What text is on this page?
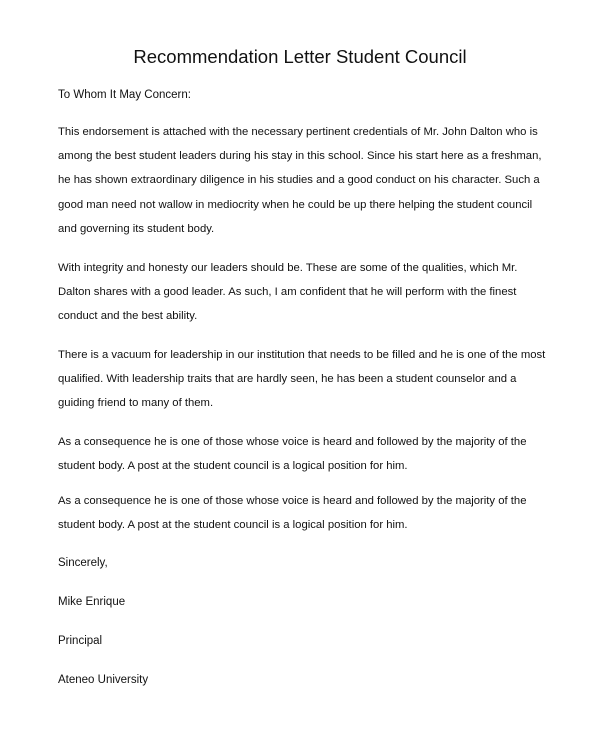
Recommendation Letter Student Council
To Whom It May Concern:

This endorsement is attached with the necessary pertinent credentials of Mr. John Dalton who is among the best student leaders during his stay in this school. Since his start here as a freshman, he has shown extraordinary diligence in his studies and a good conduct on his character. Such a good man need not wallow in mediocrity when he could be up there helping the student council and governing its student body.

With integrity and honesty our leaders should be. These are some of the qualities, which Mr. Dalton shares with a good leader. As such, I am confident that he will perform with the finest conduct and the best ability.

There is a vacuum for leadership in our institution that needs to be filled and he is one of the most qualified. With leadership traits that are hardly seen, he has been a student counselor and a guiding friend to many of them.

As a consequence he is one of those whose voice is heard and followed by the majority of the student body. A post at the student council is a logical position for him.

As a consequence he is one of those whose voice is heard and followed by the majority of the student body. A post at the student council is a logical position for him.

Sincerely,
Mike Enrique
Principal
Ateneo University
